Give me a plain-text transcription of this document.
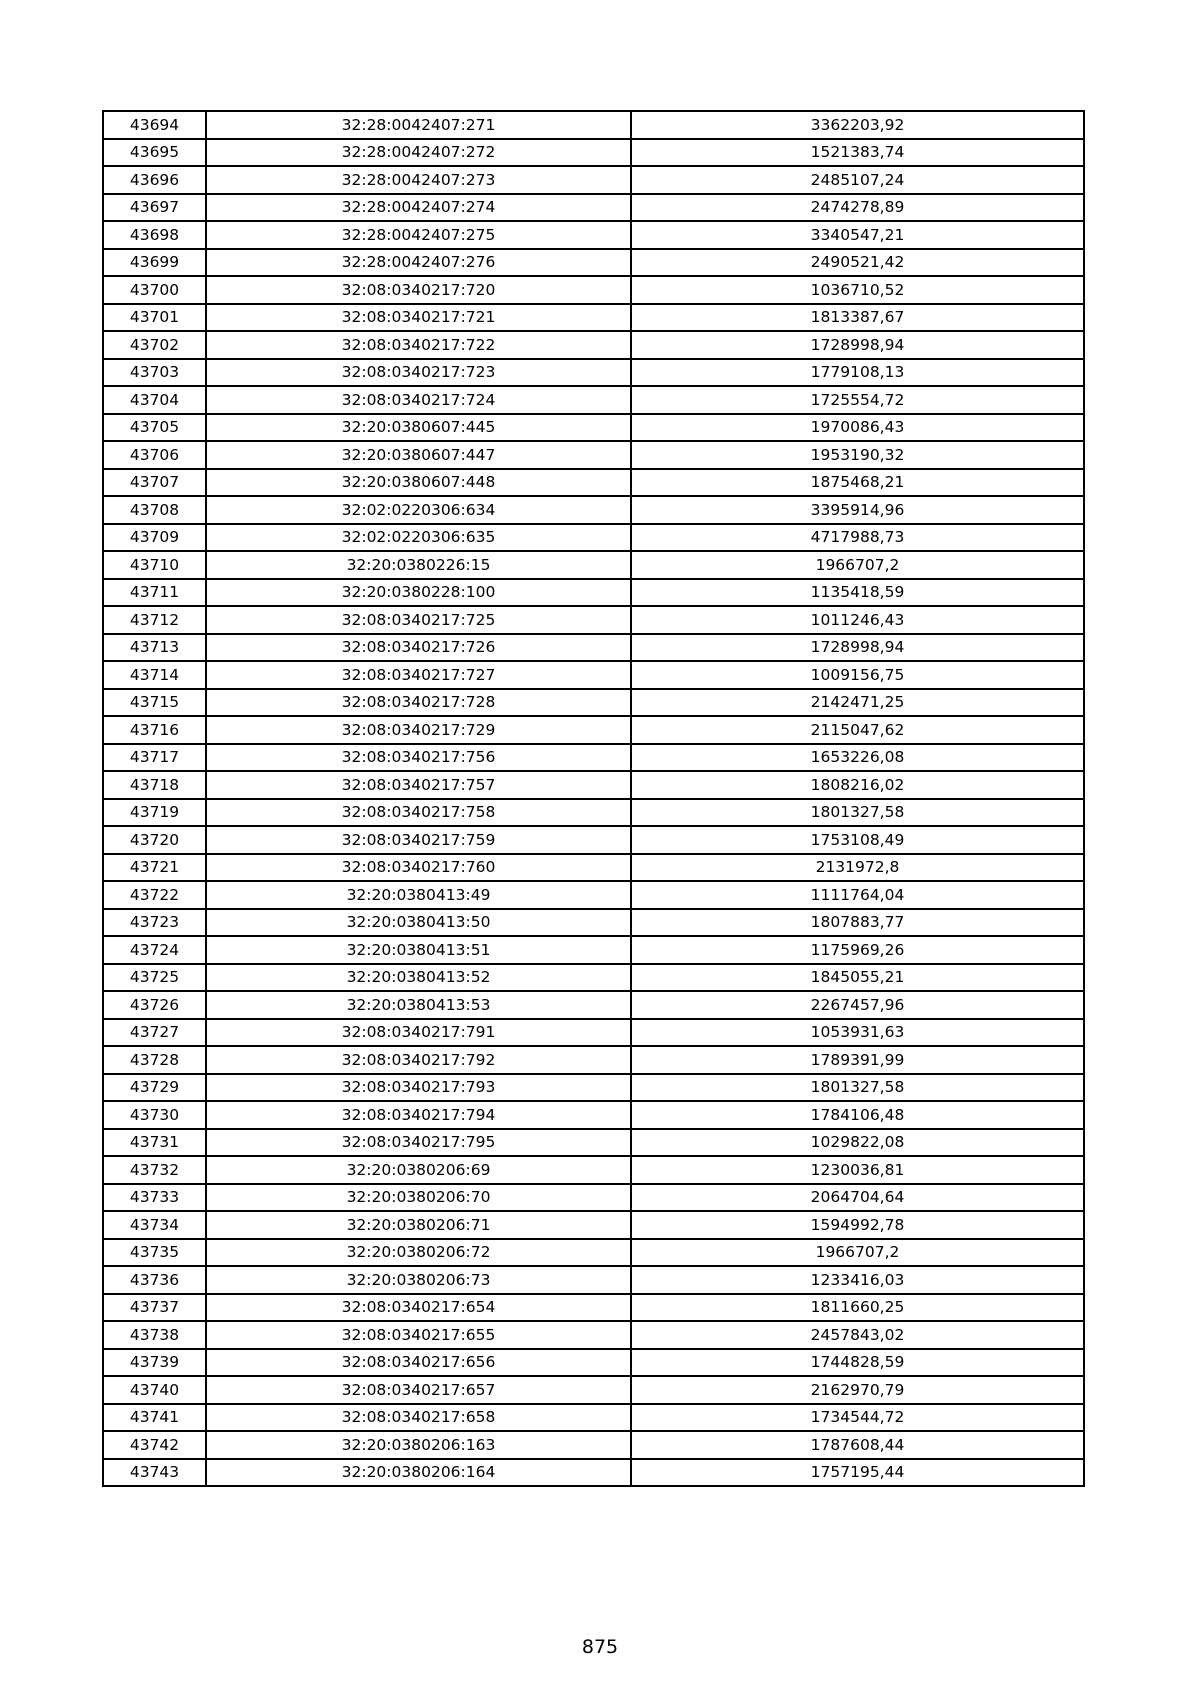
43694	32:28:0042407:271	3362203,92
43695	32:28:0042407:272	1521383,74
43696	32:28:0042407:273	2485107,24
43697	32:28:0042407:274	2474278,89
43698	32:28:0042407:275	3340547,21
43699	32:28:0042407:276	2490521,42
43700	32:08:0340217:720	1036710,52
43701	32:08:0340217:721	1813387,67
43702	32:08:0340217:722	1728998,94
43703	32:08:0340217:723	1779108,13
43704	32:08:0340217:724	1725554,72
43705	32:20:0380607:445	1970086,43
43706	32:20:0380607:447	1953190,32
43707	32:20:0380607:448	1875468,21
43708	32:02:0220306:634	3395914,96
43709	32:02:0220306:635	4717988,73
43710	32:20:0380226:15	1966707,2
43711	32:20:0380228:100	1135418,59
43712	32:08:0340217:725	1011246,43
43713	32:08:0340217:726	1728998,94
43714	32:08:0340217:727	1009156,75
43715	32:08:0340217:728	2142471,25
43716	32:08:0340217:729	2115047,62
43717	32:08:0340217:756	1653226,08
43718	32:08:0340217:757	1808216,02
43719	32:08:0340217:758	1801327,58
43720	32:08:0340217:759	1753108,49
43721	32:08:0340217:760	2131972,8
43722	32:20:0380413:49	1111764,04
43723	32:20:0380413:50	1807883,77
43724	32:20:0380413:51	1175969,26
43725	32:20:0380413:52	1845055,21
43726	32:20:0380413:53	2267457,96
43727	32:08:0340217:791	1053931,63
43728	32:08:0340217:792	1789391,99
43729	32:08:0340217:793	1801327,58
43730	32:08:0340217:794	1784106,48
43731	32:08:0340217:795	1029822,08
43732	32:20:0380206:69	1230036,81
43733	32:20:0380206:70	2064704,64
43734	32:20:0380206:71	1594992,78
43735	32:20:0380206:72	1966707,2
43736	32:20:0380206:73	1233416,03
43737	32:08:0340217:654	1811660,25
43738	32:08:0340217:655	2457843,02
43739	32:08:0340217:656	1744828,59
43740	32:08:0340217:657	2162970,79
43741	32:08:0340217:658	1734544,72
43742	32:20:0380206:163	1787608,44
43743	32:20:0380206:164	1757195,44
875
